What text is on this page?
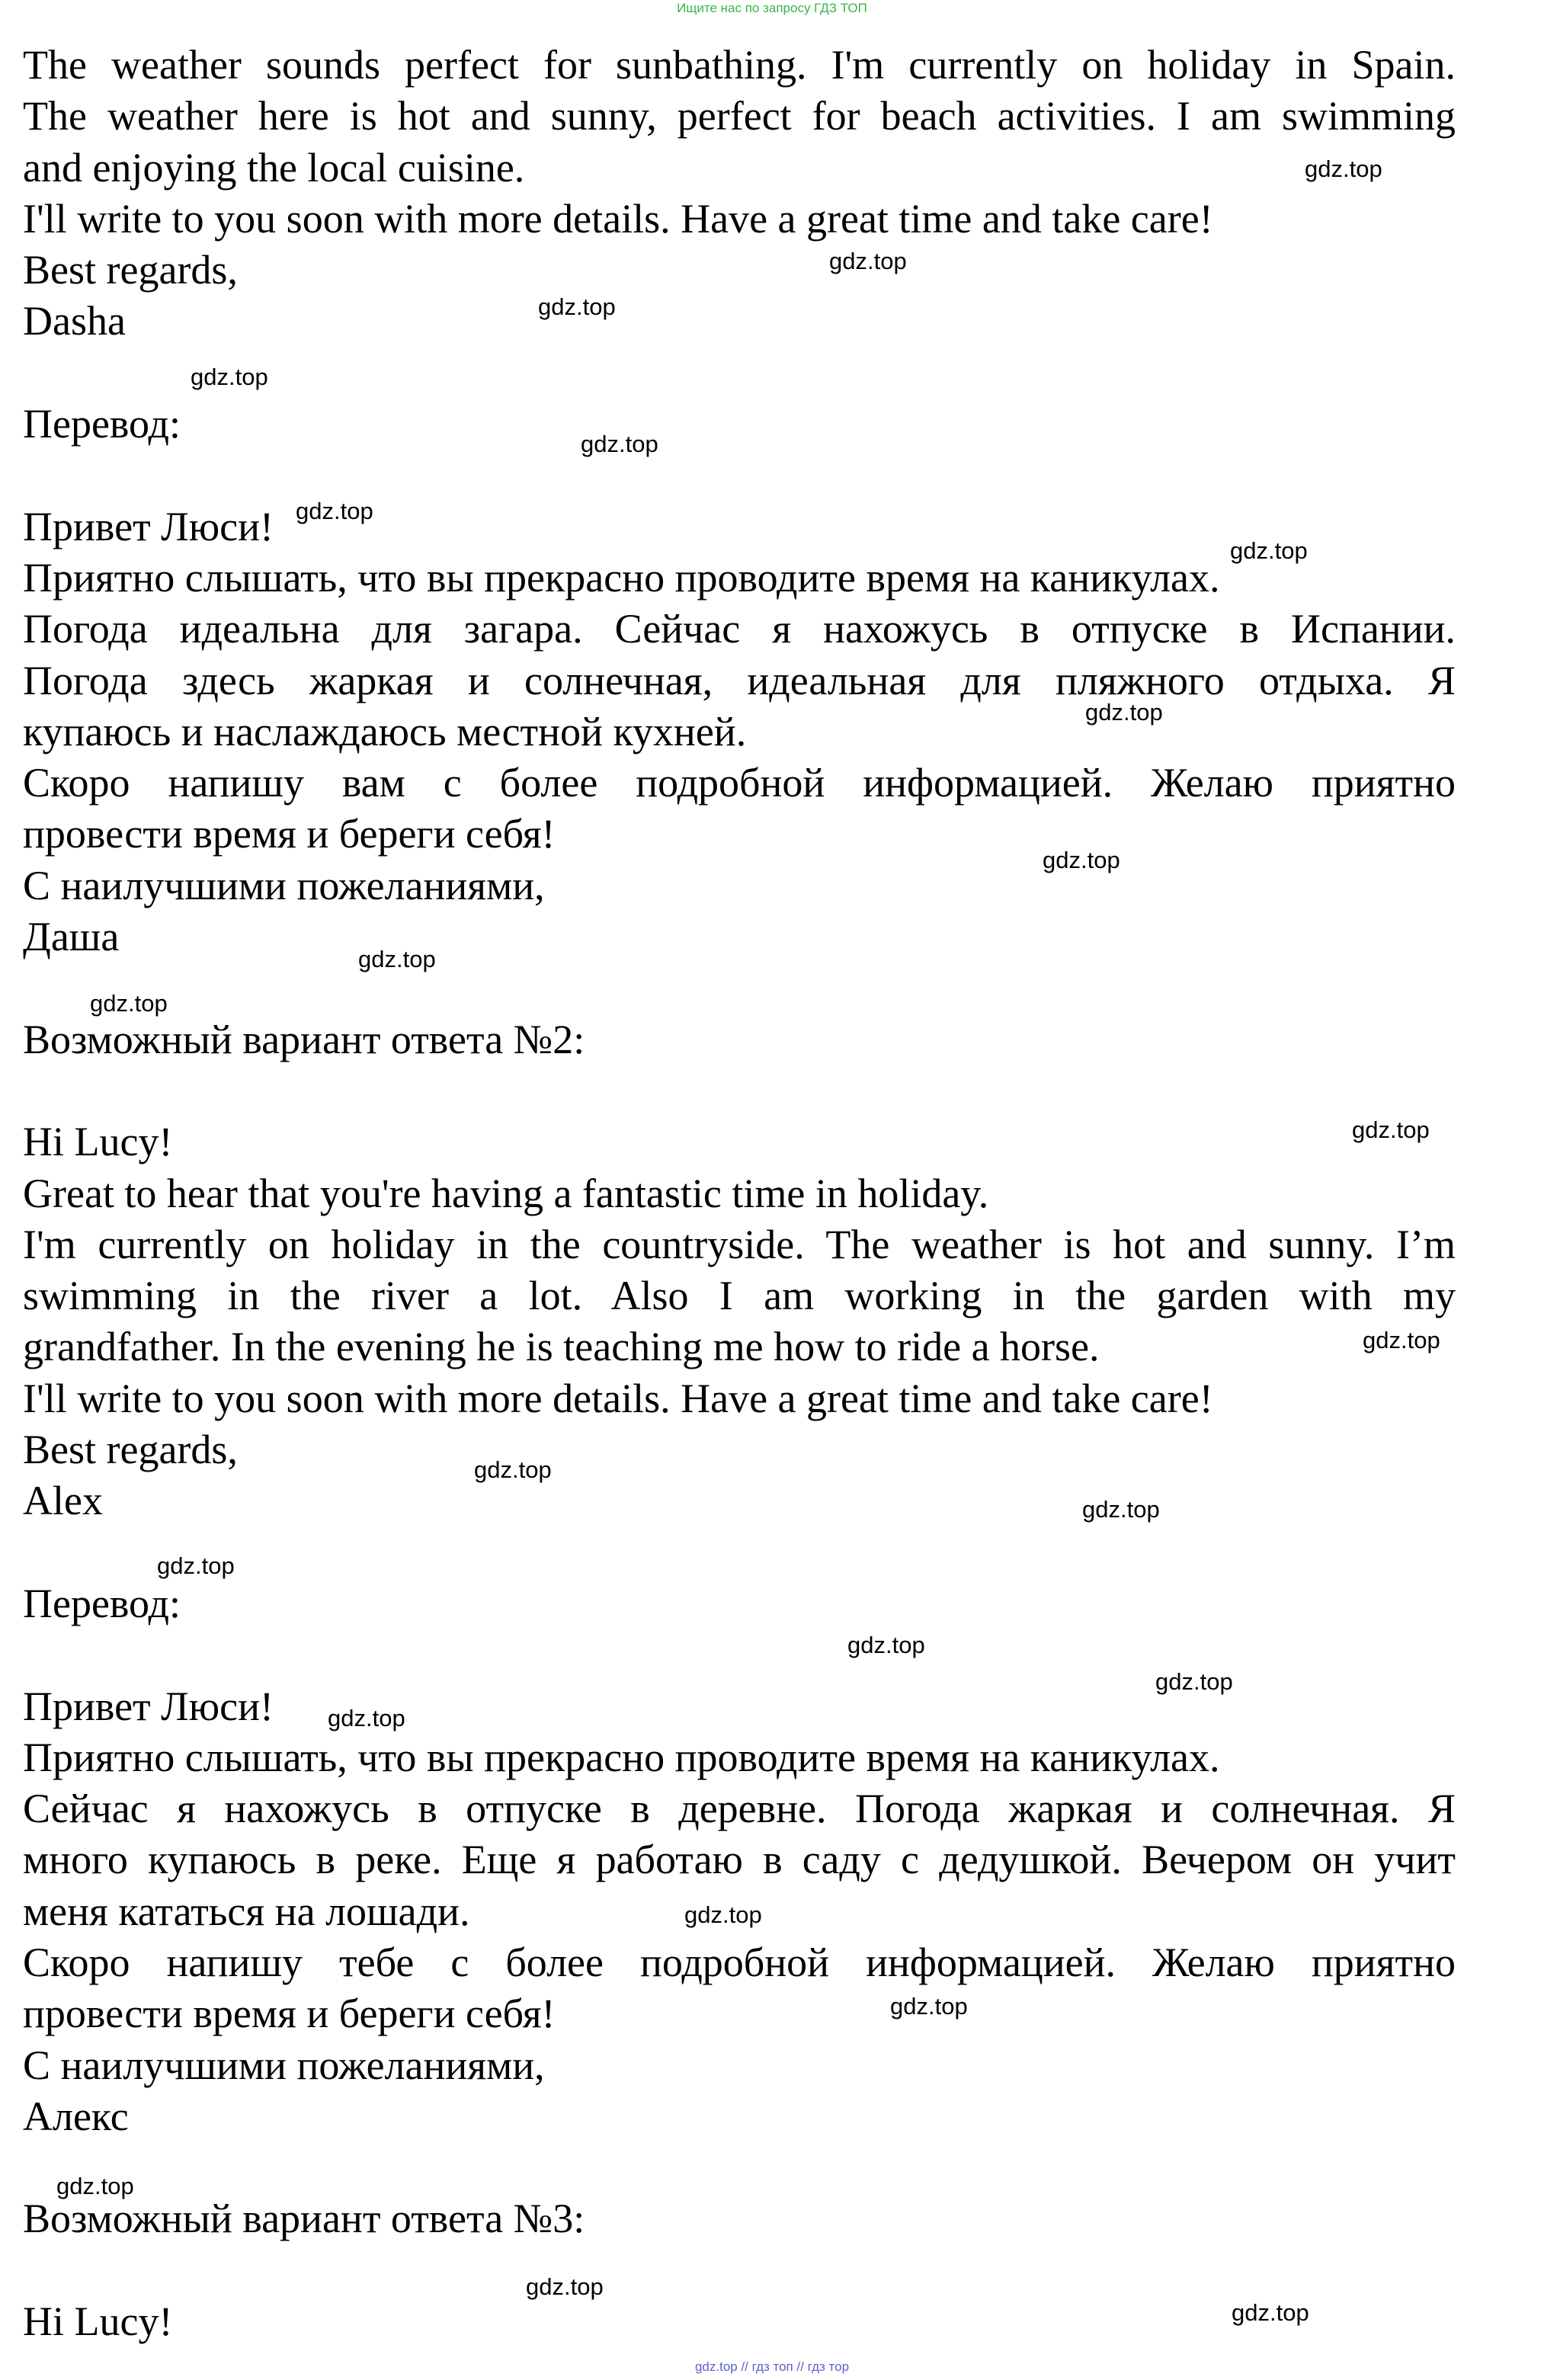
Ищите нас по запросу ГДЗ ТОП
The weather sounds perfect for sunbathing. I'm currently on holiday in Spain.
The weather here is hot and sunny, perfect for beach activities. I am swimming
and enjoying the local cuisine.
I'll write to you soon with more details. Have a great time and take care!
Best regards,
Dasha
Перевод:
Привет Люси!
Приятно слышать, что вы прекрасно проводите время на каникулах.
Погода идеальна для загара. Сейчас я нахожусь в отпуске в Испании.
Погода здесь жаркая и солнечная, идеальная для пляжного отдыха. Я
купаюсь и наслаждаюсь местной кухней.
Скоро напишу вам с более подробной информацией. Желаю приятно
провести время и береги себя!
С наилучшими пожеланиями,
Даша
Возможный вариант ответа №2:
Hi Lucy!
Great to hear that you're having a fantastic time in holiday.
I'm currently on holiday in the countryside. The weather is hot and sunny. I’m
swimming in the river a lot. Also I am working in the garden with my
grandfather. In the evening he is teaching me how to ride a horse.
I'll write to you soon with more details. Have a great time and take care!
Best regards,
Alex
Перевод:
Привет Люси!
Приятно слышать, что вы прекрасно проводите время на каникулах.
Сейчас я нахожусь в отпуске в деревне. Погода жаркая и солнечная. Я
много купаюсь в реке. Еще я работаю в саду с дедушкой. Вечером он учит
меня кататься на лошади.
Скоро напишу тебе с более подробной информацией. Желаю приятно
провести время и береги себя!
С наилучшими пожеланиями,
Алекс
Возможный вариант ответа №3:
Hi Lucy!
gdz.top
gdz.top
gdz.top
gdz.top
gdz.top
gdz.top
gdz.top
gdz.top
gdz.top
gdz.top
gdz.top
gdz.top
gdz.top
gdz.top
gdz.top
gdz.top
gdz.top
gdz.top
gdz.top
gdz.top
gdz.top
gdz.top
gdz.top
gdz.top
gdz.top // гдз топ // гдз тор
